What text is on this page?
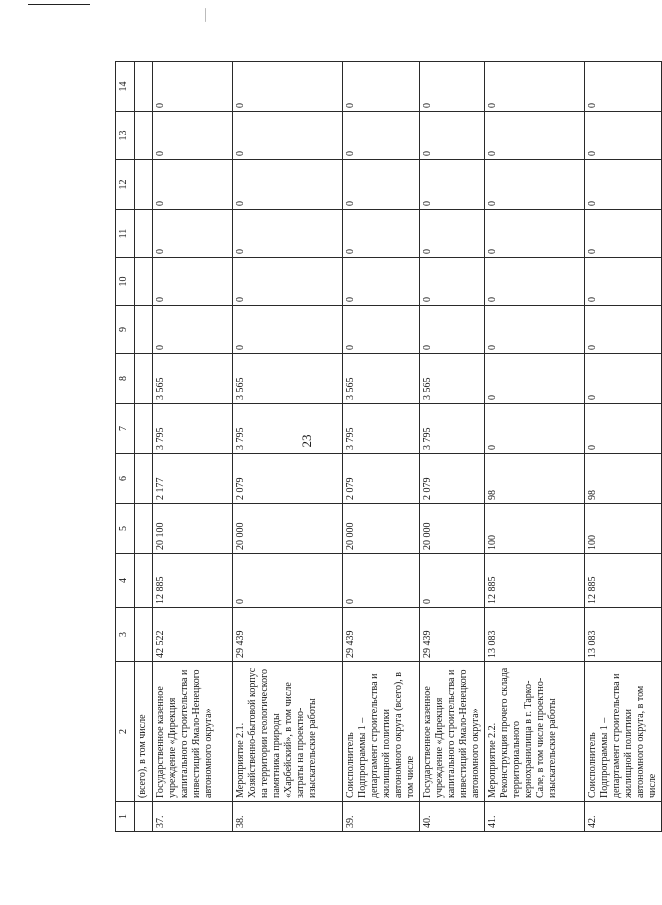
23
1	2	3	4	5	6	7	8	9	10	11	12	13	14
	(всего), в том числе												
37.	Государственное казенное учреждение «Дирекция капитального строительства и инвестиций Ямало-Ненецкого автономного округа»	42 522	12 885	20 100	2 177	3 795	3 565	0	0	0	0	0	0
38.	Мероприятие 2.1. Хозяйственно-бытовой корпус на территории геологического памятника природы «Харбейский», в том числе затраты на проектно-изыскательские работы	29 439	0	20 000	2 079	3 795	3 565	0	0	0	0	0	0
39.	Соисполнитель Подпрограммы 1 – департамент строительства и жилищной политики автономного округа (всего), в том числе	29 439	0	20 000	2 079	3 795	3 565	0	0	0	0	0	0
40.	Государственное казенное учреждение «Дирекция капитального строительства и инвестиций Ямало-Ненецкого автономного округа»	29 439	0	20 000	2 079	3 795	3 565	0	0	0	0	0	0
41.	Мероприятие 2.2. Реконструкция прочего склада территориального кернохранилища в г. Тарко-Сале, в том числе проектно-изыскательские работы	13 083	12 885	100	98	0	0	0	0	0	0	0	0
42.	Соисполнитель Подпрограммы 1 – департамент строительства и жилищной политики автономного округа, в том числе	13 083	12 885	100	98	0	0	0	0	0	0	0	0
